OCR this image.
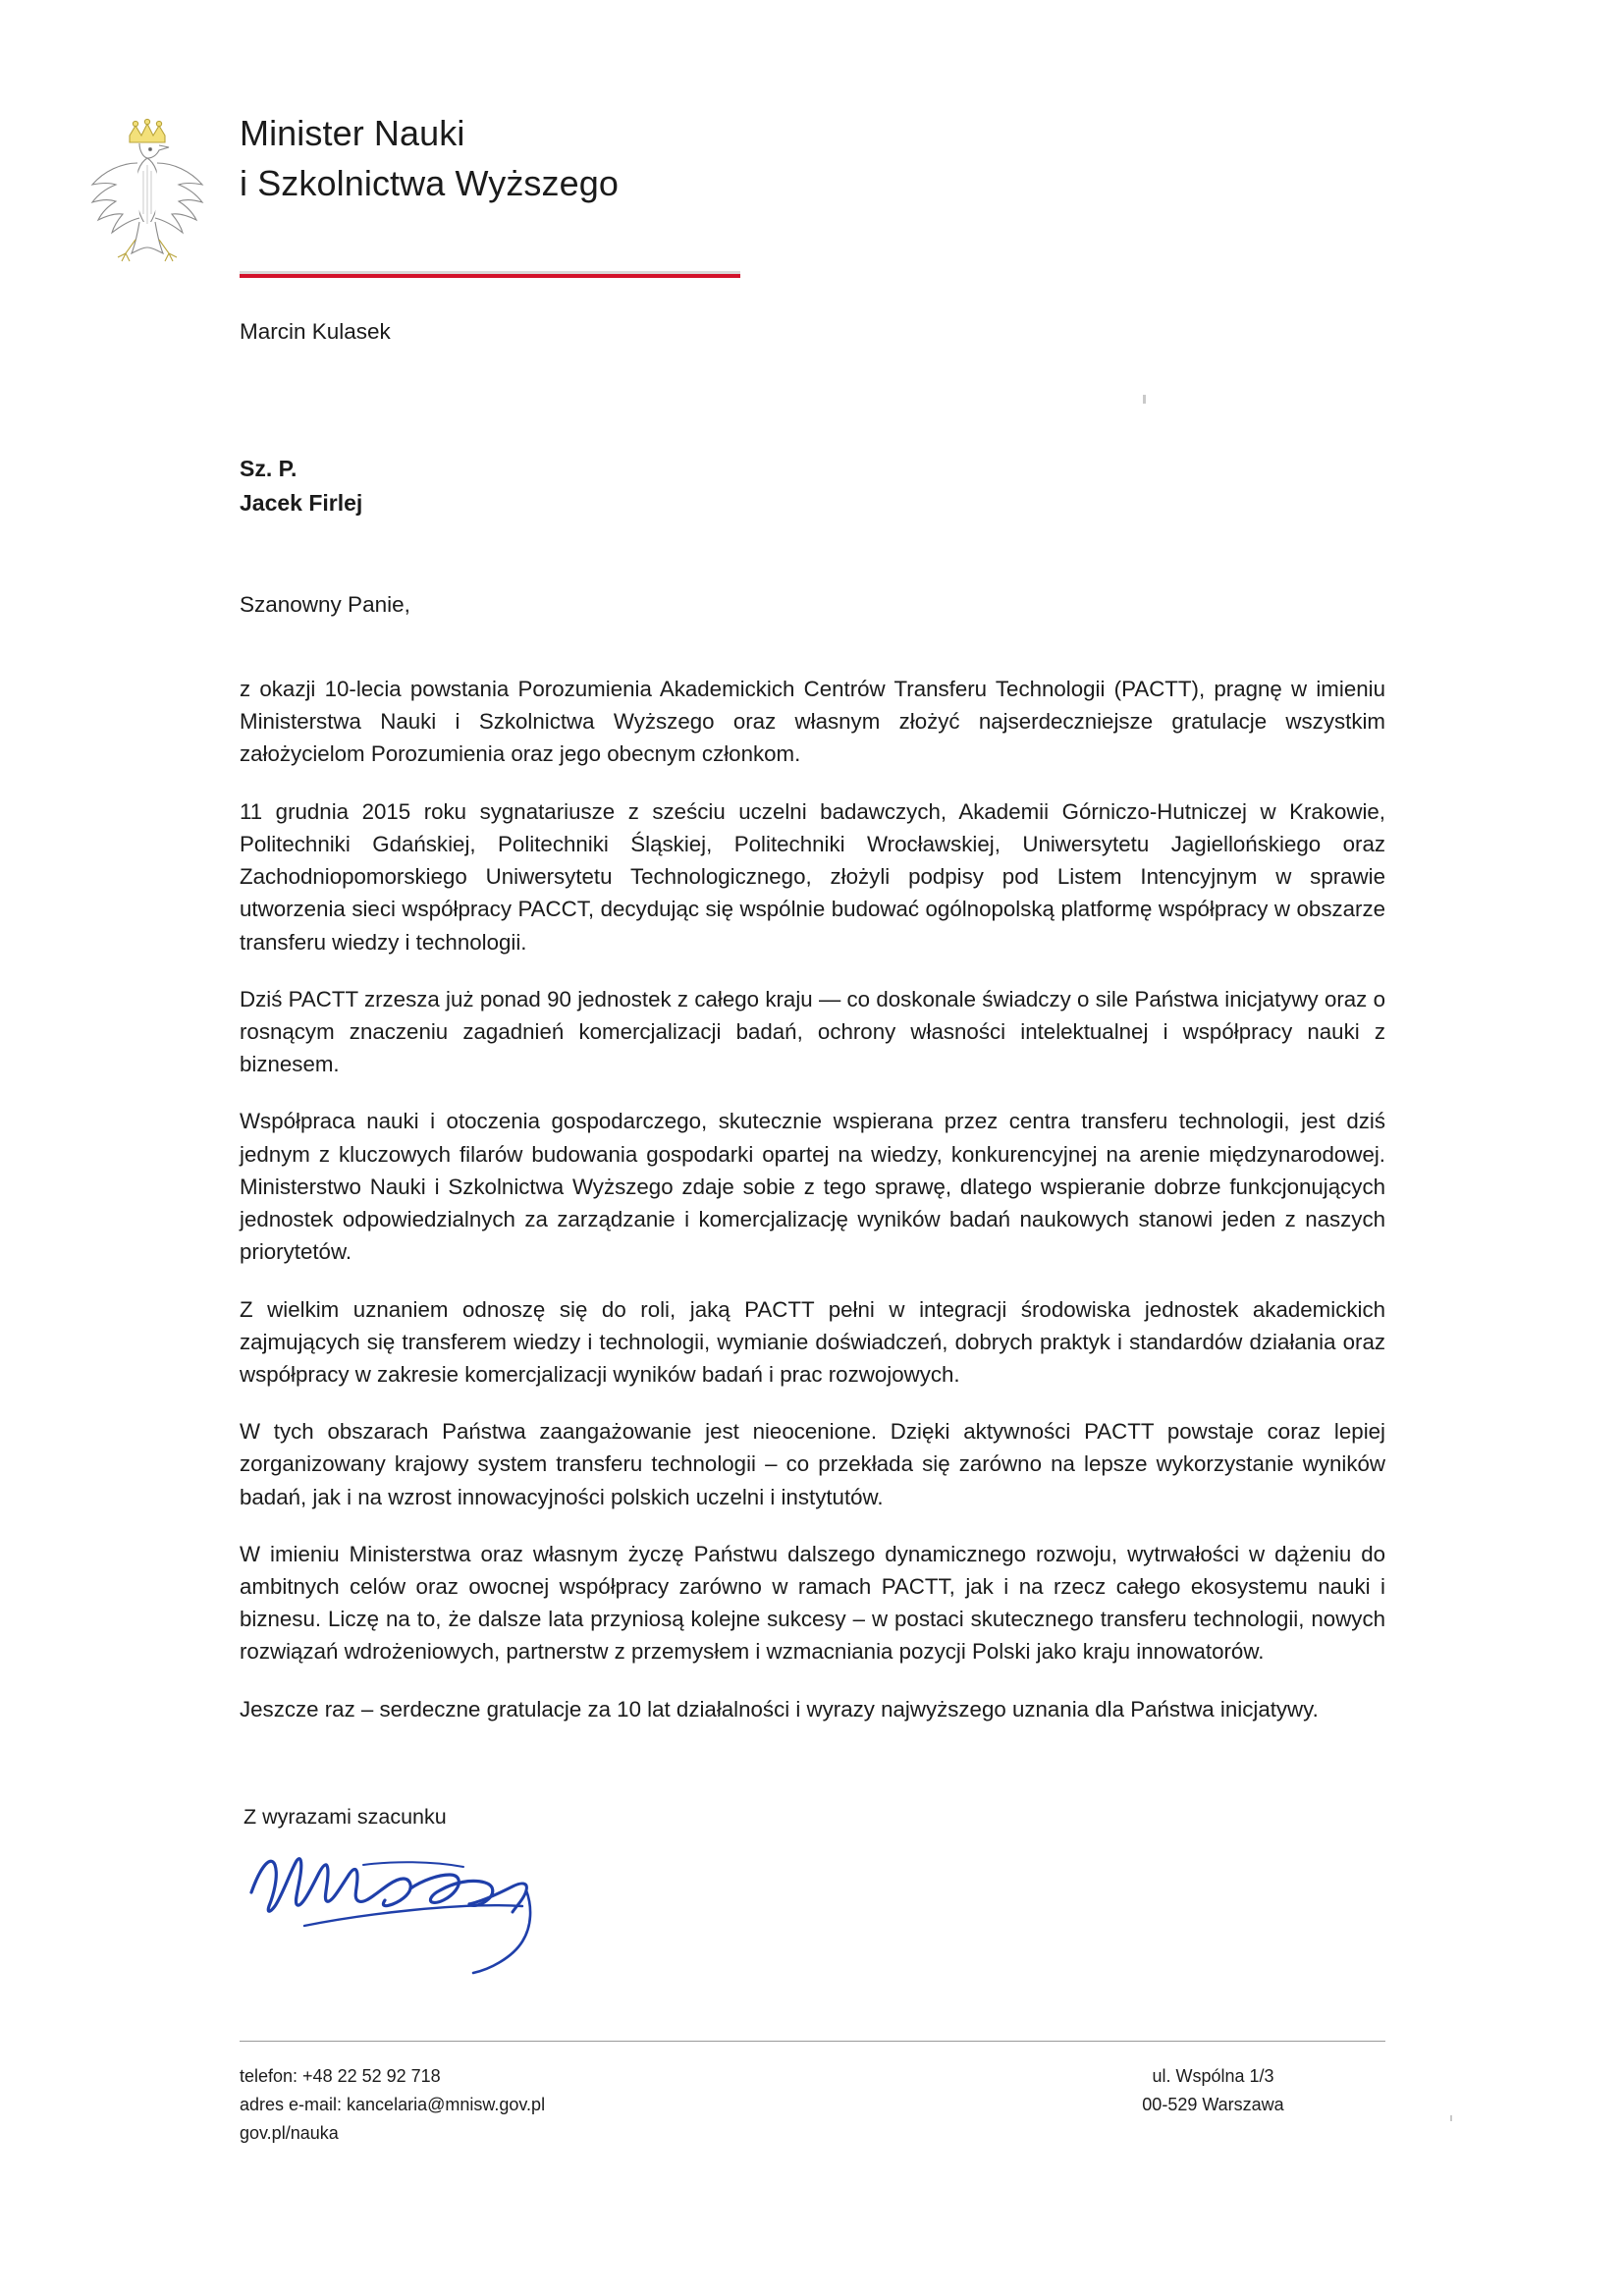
Minister Nauki
i Szkolnictwa Wyższego
Marcin Kulasek
Sz. P.
Jacek Firlej
Szanowny Panie,

z okazji 10-lecia powstania Porozumienia Akademickich Centrów Transferu Technologii (PACTT), pragnę w imieniu Ministerstwa Nauki i Szkolnictwa Wyższego oraz własnym złożyć najserdeczniejsze gratulacje wszystkim założycielom Porozumienia oraz jego obecnym członkom.

11 grudnia 2015 roku sygnatariusze z sześciu uczelni badawczych, Akademii Górniczo-Hutniczej w Krakowie, Politechniki Gdańskiej, Politechniki Śląskiej, Politechniki Wrocławskiej, Uniwersytetu Jagiellońskiego oraz Zachodniopomorskiego Uniwersytetu Technologicznego, złożyli podpisy pod Listem Intencyjnym w sprawie utworzenia sieci współpracy PACCT, decydując się wspólnie budować ogólnopolską platformę współpracy w obszarze transferu wiedzy i technologii.

Dziś PACTT zrzesza już ponad 90 jednostek z całego kraju — co doskonale świadczy o sile Państwa inicjatywy oraz o rosnącym znaczeniu zagadnień komercjalizacji badań, ochrony własności intelektualnej i współpracy nauki z biznesem.

Współpraca nauki i otoczenia gospodarczego, skutecznie wspierana przez centra transferu technologii, jest dziś jednym z kluczowych filarów budowania gospodarki opartej na wiedzy, konkurencyjnej na arenie międzynarodowej. Ministerstwo Nauki i Szkolnictwa Wyższego zdaje sobie z tego sprawę, dlatego wspieranie dobrze funkcjonujących jednostek odpowiedzialnych za zarządzanie i komercjalizację wyników badań naukowych stanowi jeden z naszych priorytetów.

Z wielkim uznaniem odnoszę się do roli, jaką PACTT pełni w integracji środowiska jednostek akademickich zajmujących się transferem wiedzy i technologii, wymianie doświadczeń, dobrych praktyk i standardów działania oraz współpracy w zakresie komercjalizacji wyników badań i prac rozwojowych.

W tych obszarach Państwa zaangażowanie jest nieocenione. Dzięki aktywności PACTT powstaje coraz lepiej zorganizowany krajowy system transferu technologii – co przekłada się zarówno na lepsze wykorzystanie wyników badań, jak i na wzrost innowacyjności polskich uczelni i instytutów.

W imieniu Ministerstwa oraz własnym życzę Państwu dalszego dynamicznego rozwoju, wytrwałości w dążeniu do ambitnych celów oraz owocnej współpracy zarówno w ramach PACTT, jak i na rzecz całego ekosystemu nauki i biznesu. Liczę na to, że dalsze lata przyniosą kolejne sukcesy – w postaci skutecznego transferu technologii, nowych rozwiązań wdrożeniowych, partnerstw z przemysłem i wzmacniania pozycji Polski jako kraju innowatorów.

Jeszcze raz – serdeczne gratulacje za 10 lat działalności i wyrazy najwyższego uznania dla Państwa inicjatywy.

Z wyrazami szacunku
telefon: +48 22 52 92 718
adres e-mail: kancelaria@mnisw.gov.pl
gov.pl/nauka
ul. Wspólna 1/3
00-529 Warszawa
